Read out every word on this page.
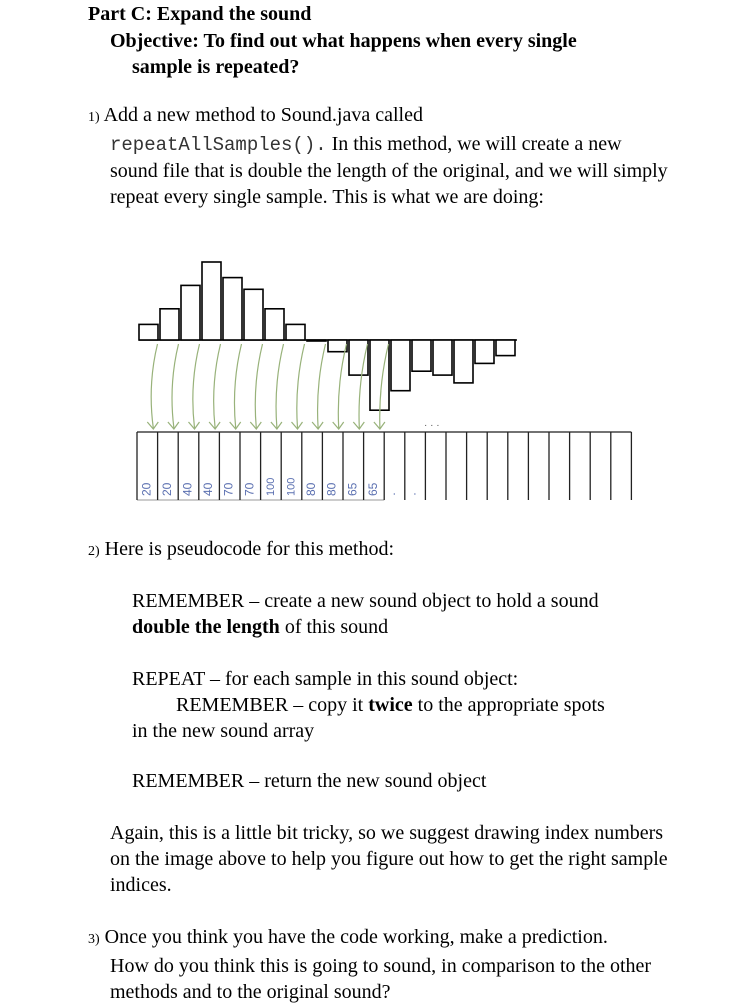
Part C: Expand the sound
Objective: To find out what happens when every single
sample is repeated?
1) Add a new method to Sound.java called
repeatAllSamples(). In this method, we will create a new sound file that is double the length of the original, and we will simply repeat every single sample. This is what we are doing:
· · ·
20 20 40 40 70 70 100 100 80 80 65 65 · ·
2) Here is pseudocode for this method:
REMEMBER – create a new sound object to hold a sound
double the length of this sound
REPEAT – for each sample in this sound object:
REMEMBER – copy it twice to the appropriate spots
in the new sound array
REMEMBER – return the new sound object
Again, this is a little bit tricky, so we suggest drawing index numbers on the image above to help you figure out how to get the right sample indices.
3) Once you think you have the code working, make a prediction.
How do you think this is going to sound, in comparison to the other methods and to the original sound?
